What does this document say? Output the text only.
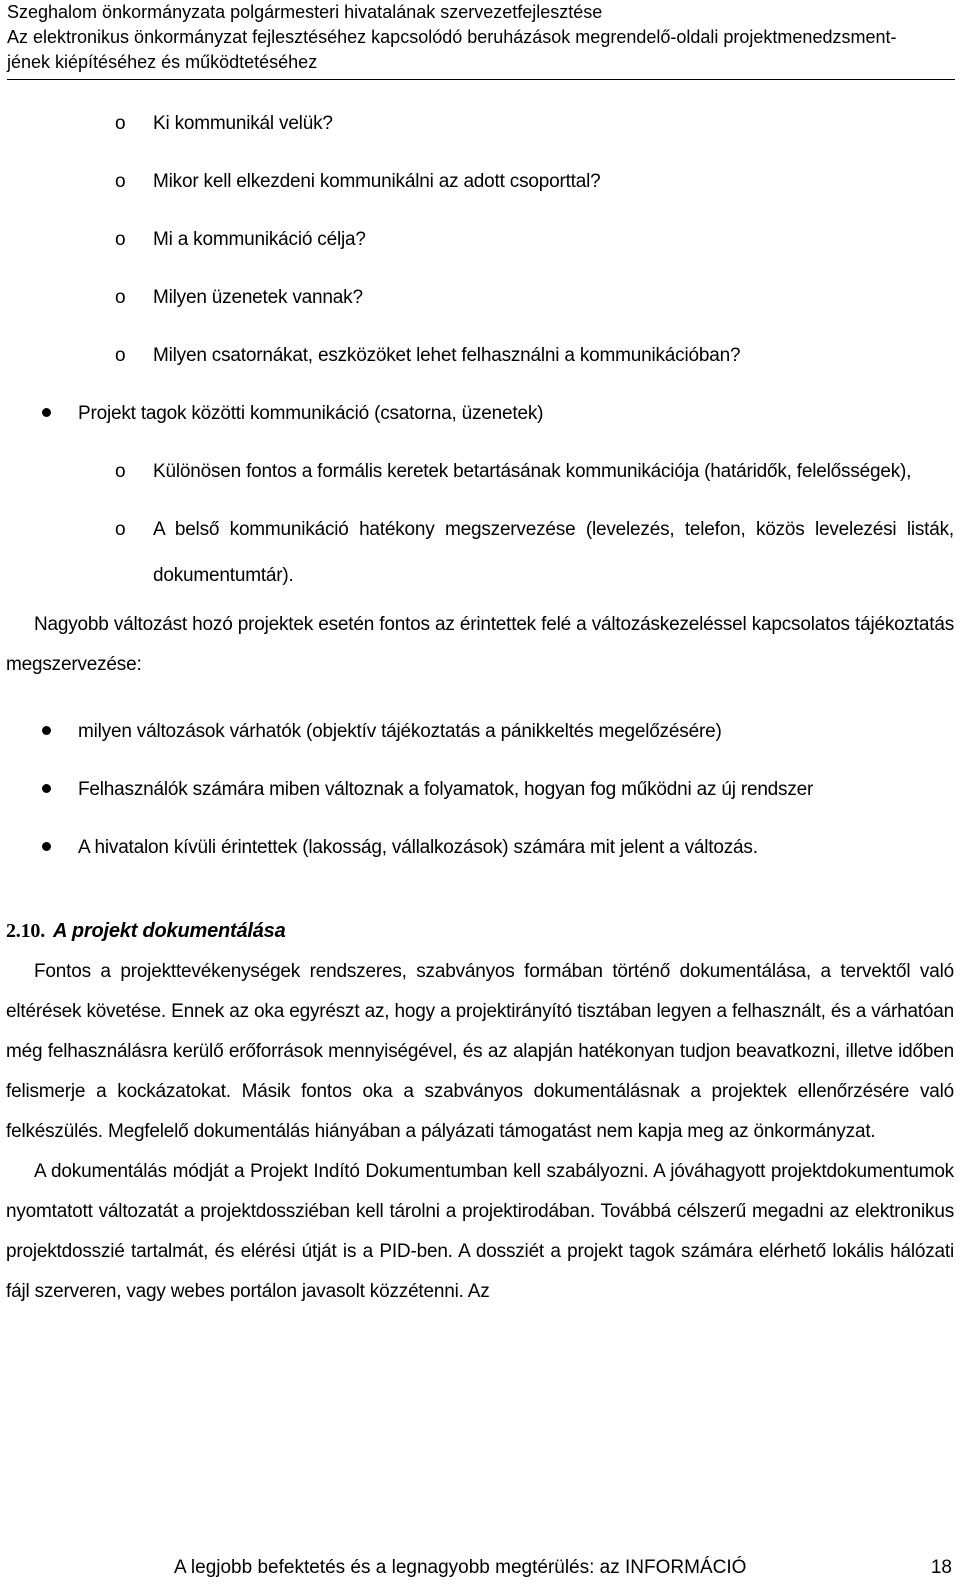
Szeghalom önkormányzata polgármesteri hivatalának szervezetfejlesztése
Az elektronikus önkormányzat fejlesztéséhez kapcsolódó beruházások megrendelő-oldali projektmenedzsment-
jének kiépítéséhez és működtetéséhez
o Ki kommunikál velük?
o Mikor kell elkezdeni kommunikálni az adott csoporttal?
o Mi a kommunikáció célja?
o Milyen üzenetek vannak?
o Milyen csatornákat, eszközöket lehet felhasználni a kommunikációban?
Projekt tagok közötti kommunikáció (csatorna, üzenetek)
o Különösen fontos a formális keretek betartásának kommunikációja (határidők, felelősségek),
o A belső kommunikáció hatékony megszervezése (levelezés, telefon, közös levelezési listák, dokumentumtár).

Nagyobb változást hozó projektek esetén fontos az érintettek felé a változáskezeléssel kapcsolatos tájékoztatás megszervezése:

milyen változások várhatók (objektív tájékoztatás a pánikkeltés megelőzésére)
Felhasználók számára miben változnak a folyamatok, hogyan fog működni az új rendszer
A hivatalon kívüli érintettek (lakosság, vállalkozások) számára mit jelent a változás.
2.10. A projekt dokumentálása

Fontos a projekttevékenységek rendszeres, szabványos formában történő dokumentálása, a tervektől való eltérések követése. Ennek az oka egyrészt az, hogy a projektirányító tisztában legyen a felhasznált, és a várhatóan még felhasználásra kerülő erőforrások mennyiségével, és az alapján hatékonyan tudjon beavatkozni, illetve időben felismerje a kockázatokat. Másik fontos oka a szabványos dokumentálásnak a projektek ellenőrzésére való felkészülés. Megfelelő dokumentálás hiányában a pályázati támogatást nem kapja meg az önkormányzat.

A dokumentálás módját a Projekt Indító Dokumentumban kell szabályozni. A jóváhagyott projektdokumentumok nyomtatott változatát a projektdossziéban kell tárolni a projektirodában. Továbbá célszerű megadni az elektronikus projektdosszié tartalmát, és elérési útját is a PID-ben. A dossziét a projekt tagok számára elérhető lokális hálózati fájl szerveren, vagy webes portálon javasolt közzétenni. Az

A legjobb befektetés és a legnagyobb megtérülés: az INFORMÁCIÓ	18
